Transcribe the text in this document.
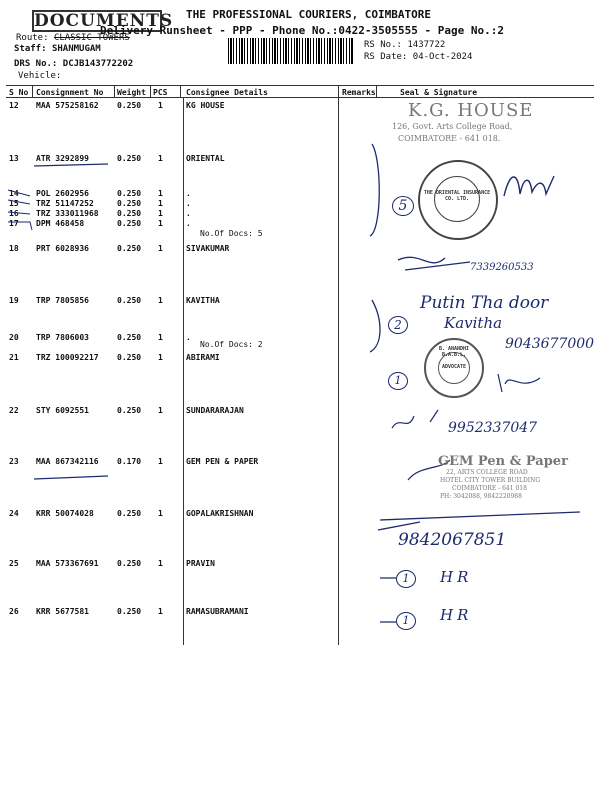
DOCUMENTS THE PROFESSIONAL COURIERS, COIMBATORE
Delivery Runsheet - PPP - Phone No.:0422-3505555 - Page No.:2
Route: CLASSIC TOWERS
Staff: SHANMUGAM
DRS No.: DCJB143772202
Vehicle:
RS No.: 1437722
RS Date: 04-Oct-2024
S No Consignment No Weight PCS Consignee Details	Remarks	Seal & Signature
12 MAA 575258162 0.250 1	KG HOUSE
13 ATR 3292899	0.250 1	ORIENTAL
14 POL 2602956	0.250 1	.
15 TRZ 51147252	0.250 1	.
16 TRZ 333011968 0.250 1	.
17 DPM 468458	0.250 1	.
No.Of Docs: 5
18 PRT 6028936	0.250 1	SIVAKUMAR
19 TRP 7805856	0.250 1	KAVITHA
20 TRP 7806003	0.250 1	.
No.Of Docs: 2
21 TRZ 100092217 0.250 1	ABIRAMI
22 STY 6092551	0.250 1	SUNDARARAJAN
23 MAA 867342116 0.170 1	GEM PEN & PAPER
24 KRR 50074028	0.250 1	GOPALAKRISHNAN
25 MAA 573367691 0.250 1	PRAVIN
26 KRR 5677581	0.250 1	RAMASUBRAMANI
K.G. HOUSE
126, Govt. Arts College Road,
COIMBATORE - 641 018.
THE ORIENTAL INSURANCE CO. LTD.
5
7339260533
Putin Tha door
Kavitha
2
9043677000
B. ANANDHI B.A.B.L.
ADVOCATE
1
9952337047
GEM Pen & Paper
22, ARTS COLLEGE ROAD
HOTEL CITY TOWER BUILDING
COIMBATORE - 641 018
PH: 3042088, 9842220988
9842067851
1	HR
1	HR
